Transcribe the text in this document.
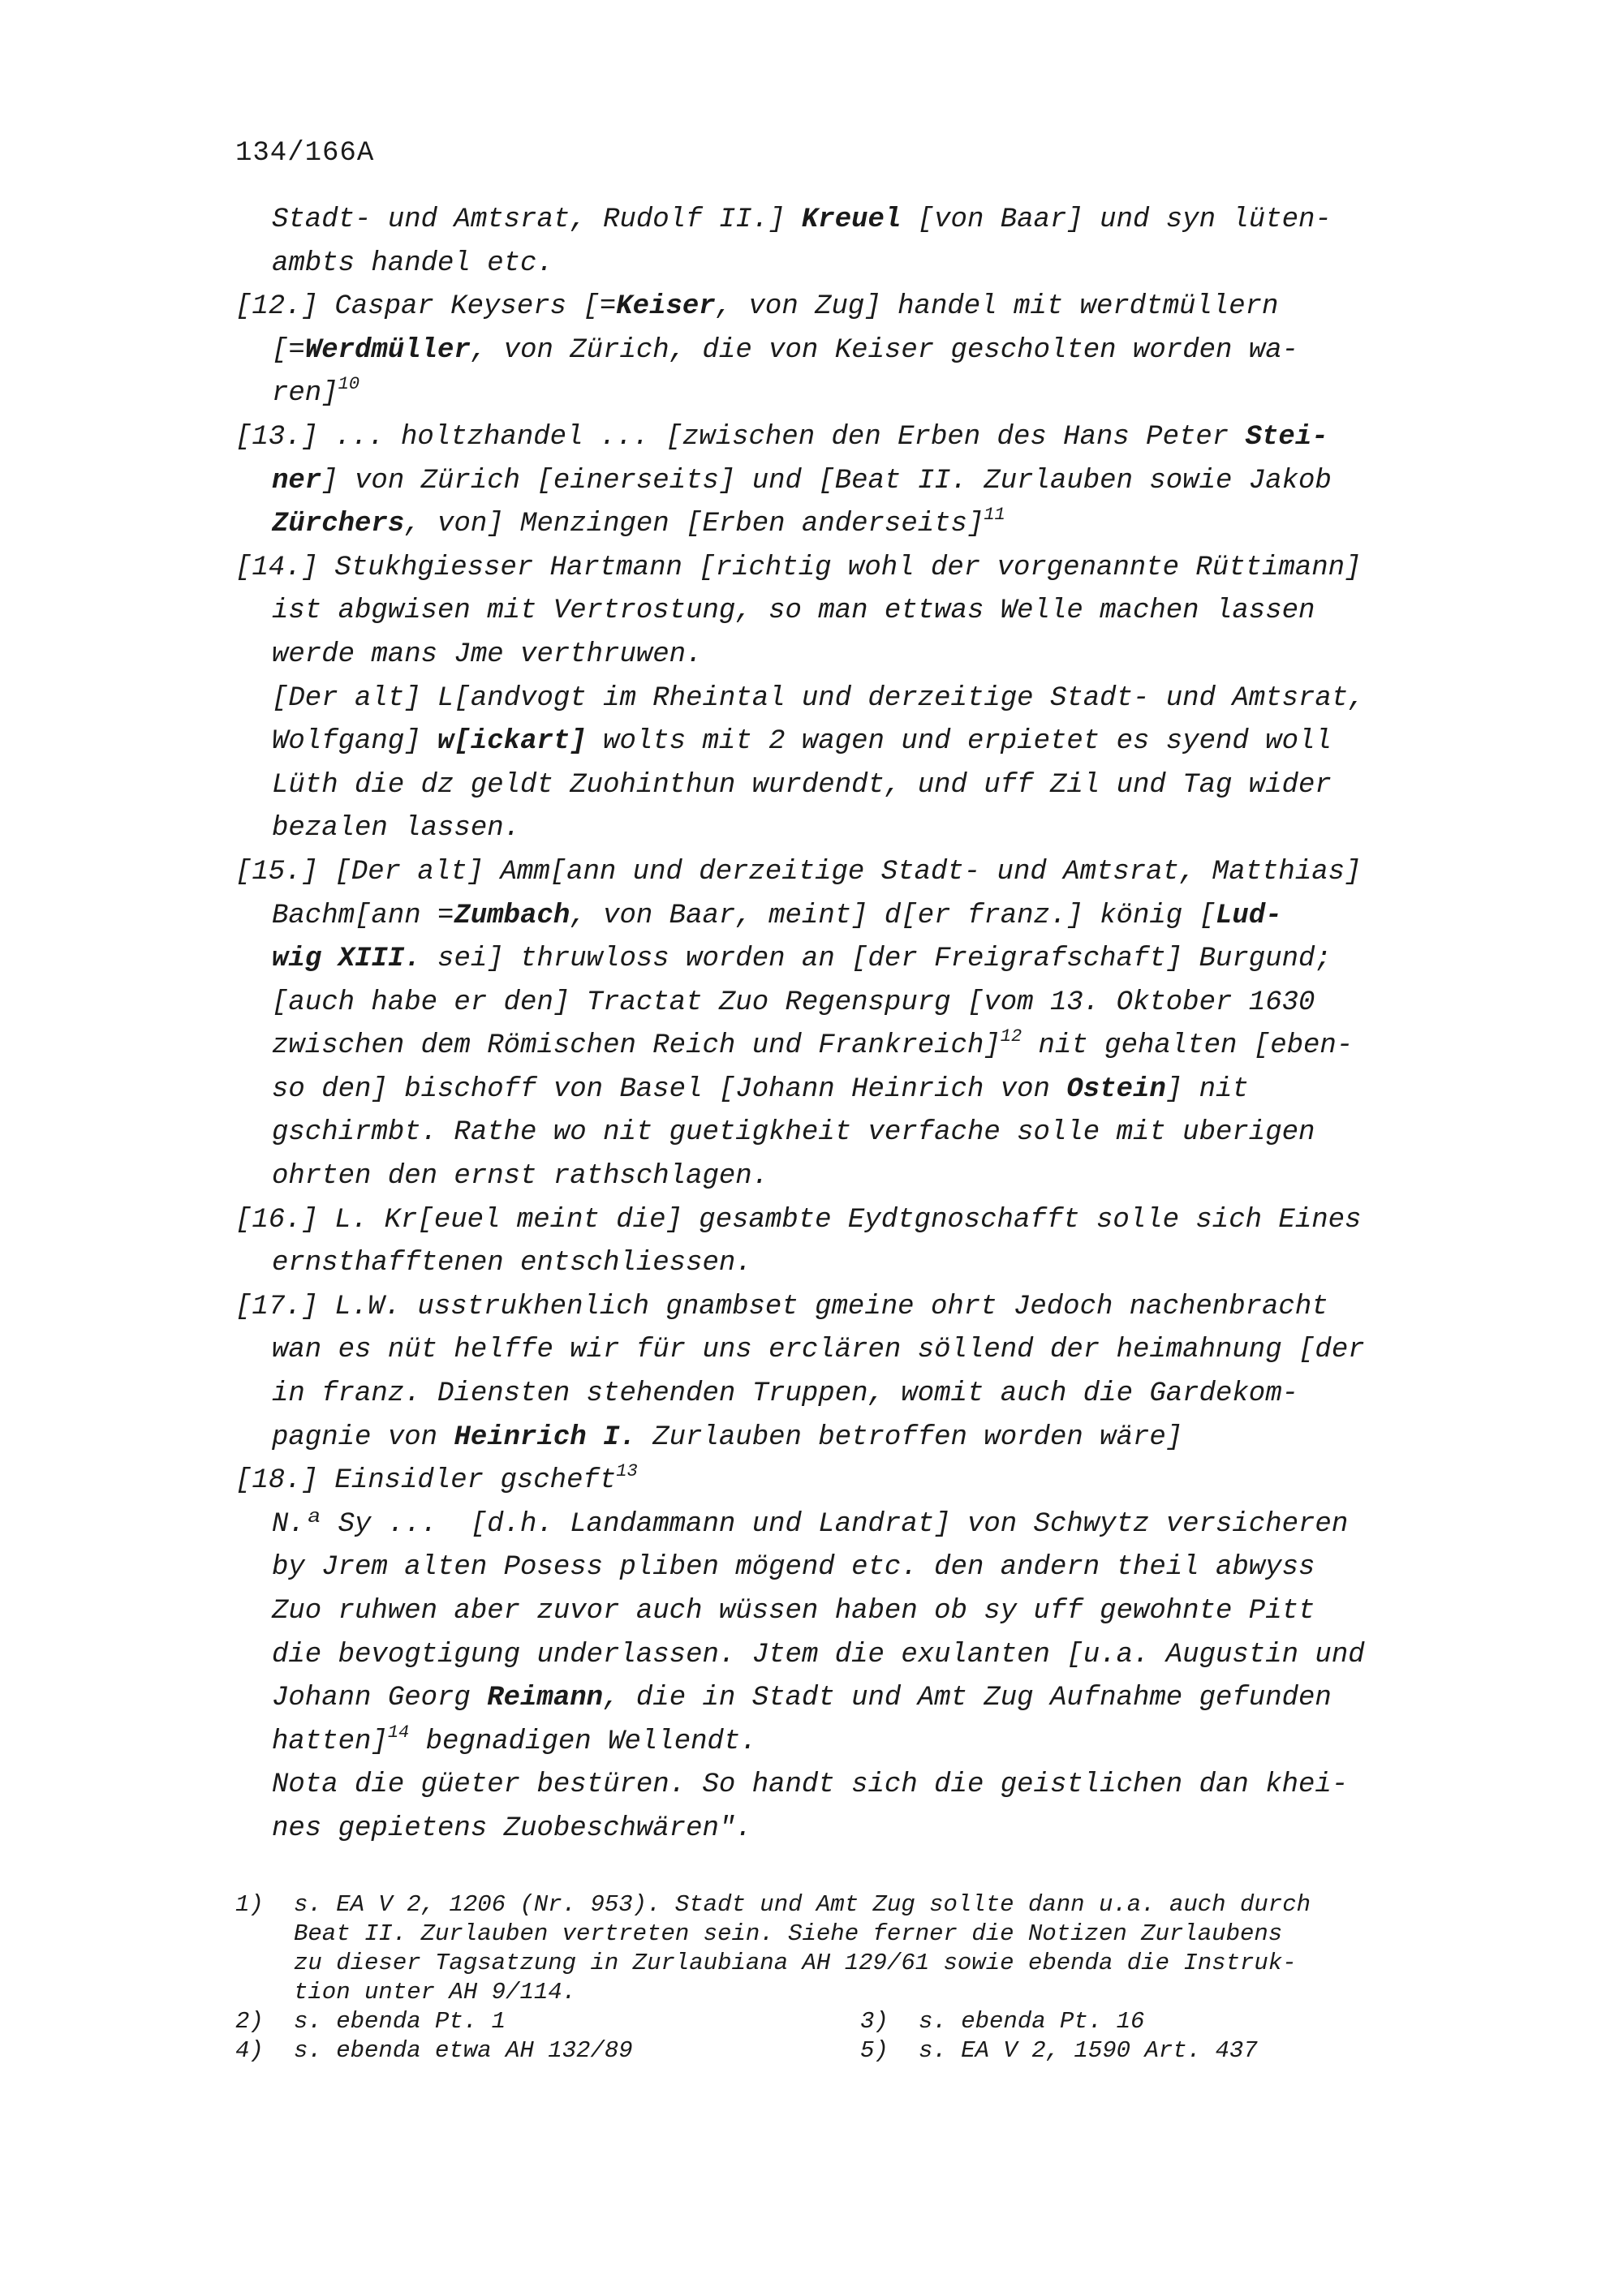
134/166A
Stadt- und Amtsrat, Rudolf II.] Kreuel [von Baar] und syn lüten-
ambts handel etc.
[12.] Caspar Keysers [=Keiser, von Zug] handel mit werdtmüllern
[=Werdmüller, von Zürich, die von Keiser gescholten worden wa-
ren]$^{10}$
[13.] ... holtzhandel ... [zwischen den Erben des Hans Peter Stei-
ner] von Zürich [einerseits] und [Beat II. Zurlauben sowie Jakob
Zürchers, von] Menzingen [Erben anderseits]$^{11}$
[14.] Stukhgiesser Hartmann [richtig wohl der vorgenannte Rüttimann]
ist abgwisen mit Vertrostung, so man ettwas Welle machen lassen
werde mans Jme verthruwen.
[Der alt] L[andvogt im Rheintal und derzeitige Stadt- und Amtsrat,
Wolfgang] w[ickart] wolts mit 2 wagen und erpietet es syend woll
Lüth die dz geldt Zuohinthun wurdendt, und uff Zil und Tag wider
bezalen lassen.
[15.] [Der alt] Amm[ann und derzeitige Stadt- und Amtsrat, Matthias]
Bachm[ann =Zumbach, von Baar, meint] d[er franz.] könig [Lud-
wig XIII. sei] thruwloss worden an [der Freigrafschaft] Burgund;
[auch habe er den] Tractat Zuo Regenspurg [vom 13. Oktober 1630
zwischen dem Römischen Reich und Frankreich]$^{12}$ nit gehalten [eben-
so den] bischoff von Basel [Johann Heinrich von Ostein] nit
gschirmbt. Rathe wo nit guetigkheit verfache solle mit uberigen
ohrten den ernst rathschlagen.
[16.] L. Kr[euel meint die] gesambte Eydtgnoschafft solle sich Eines
ernsthafftenen entschliessen.
[17.] L.W. usstrukhenlich gnambset gmeine ohrt Jedoch nachenbracht
wan es nüt helffe wir für uns erclären söllend der heimahnung [der
in franz. Diensten stehenden Truppen, womit auch die Gardekom-
pagnie von Heinrich I. Zurlauben betroffen worden wäre]
[18.] Einsidler gscheft$^{13}$
N.ª Sy ...  [d.h. Landammann und Landrat] von Schwytz versicheren
by Jrem alten Posess pliben mögend etc. den andern theil abwyss
Zuo ruhwen aber zuvor auch wüssen haben ob sy uff gewohnte Pitt
die bevogtigung underlassen. Jtem die exulanten [u.a. Augustin und
Johann Georg Reimann, die in Stadt und Amt Zug Aufnahme gefunden
hatten]$^{14}$ begnadigen Wellendt.
Nota die güeter bestüren. So handt sich die geistlichen dan khei-
nes gepietens Zuobeschwären".
1)	s. EA V 2, 1206 (Nr. 953). Stadt und Amt Zug sollte dann u.a. auch durch
Beat II. Zurlauben vertreten sein. Siehe ferner die Notizen Zurlaubens
zu dieser Tagsatzung in Zurlaubiana AH 129/61 sowie ebenda die Instruk-
tion unter AH 9/114.
2)	s. ebenda Pt. 1	3)	s. ebenda Pt. 16
4)	s. ebenda etwa AH 132/89	5)	s. EA V 2, 1590 Art. 437
